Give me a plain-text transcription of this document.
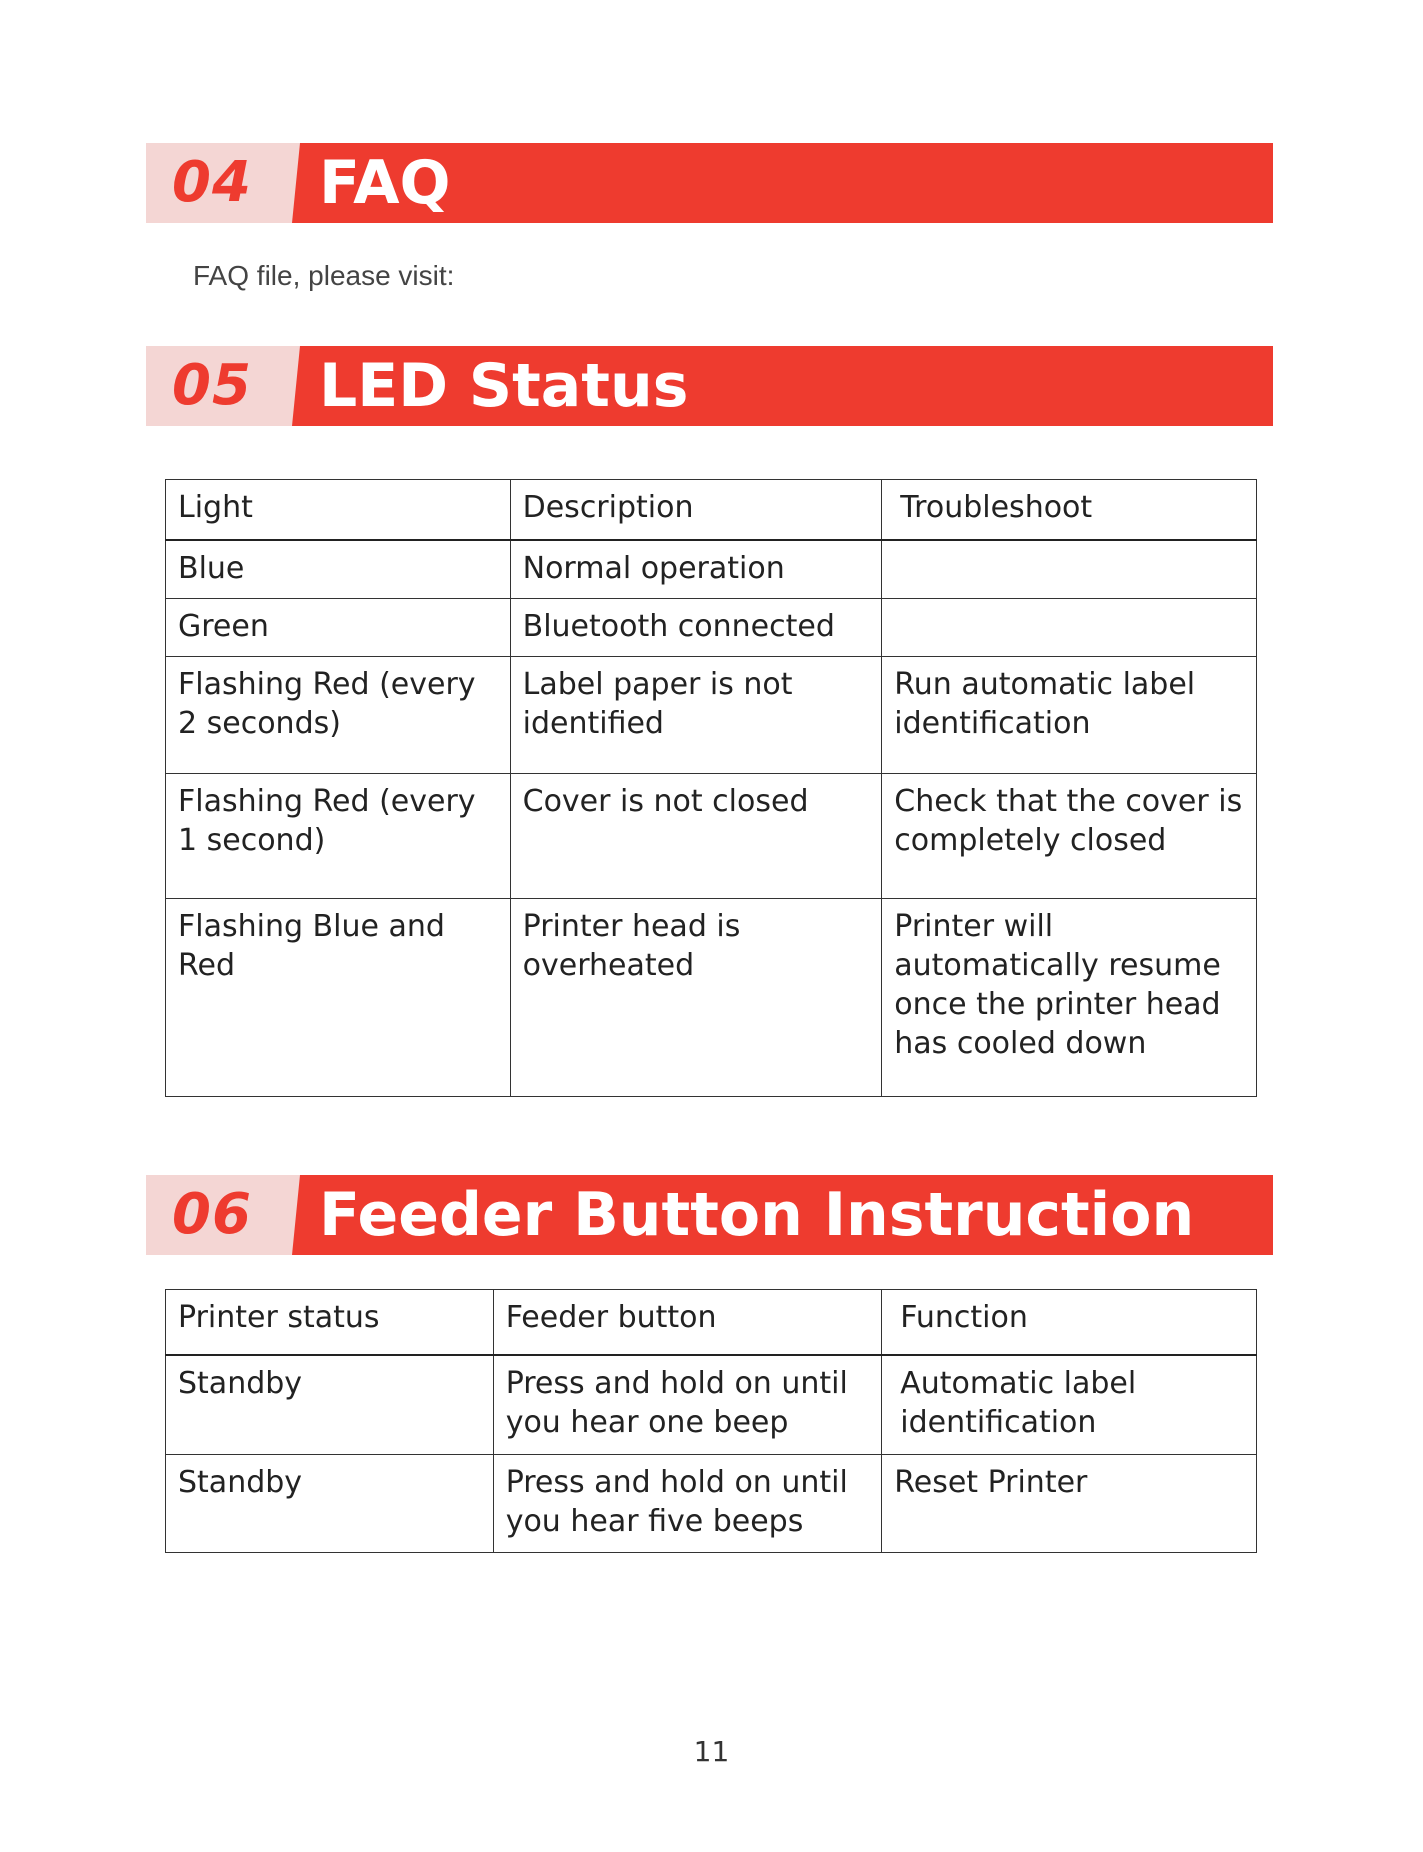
04 FAQ
FAQ file, please visit:
05 LED Status
Light	Description	Troubleshoot
Blue	Normal operation	
Green	Bluetooth connected	
Flashing Red (every 2 seconds)	Label paper is not identified	Run automatic label identification
Flashing Red (every 1 second)	Cover is not closed	Check that the cover is completely closed
Flashing Blue and Red	Printer head is overheated	Printer will automatically resume once the printer head has cooled down
06 Feeder Button Instruction
Printer status	Feeder button	Function
Standby	Press and hold on until you hear one beep	Automatic label identification
Standby	Press and hold on until you hear five beeps	Reset Printer
11
